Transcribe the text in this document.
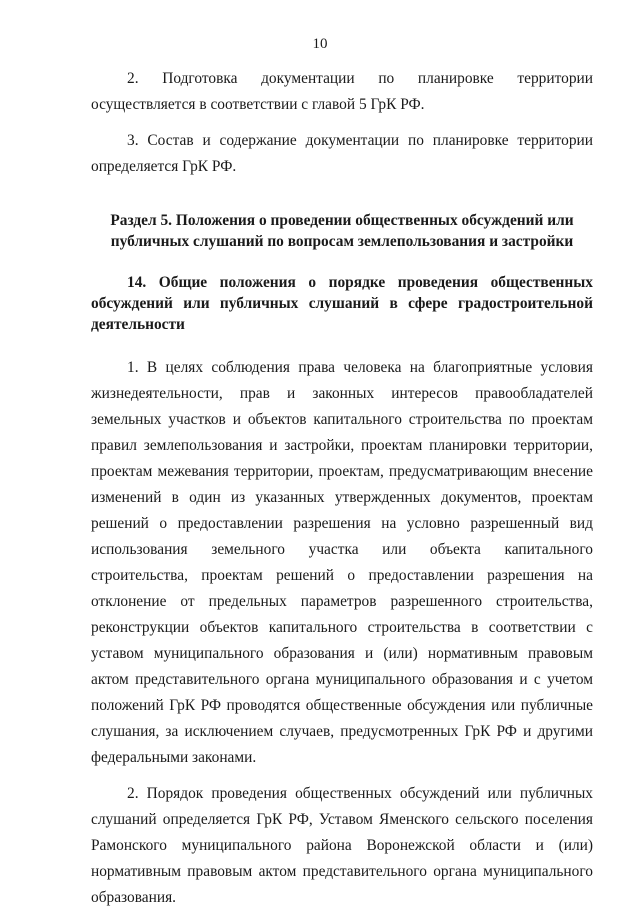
10

2. Подготовка документации по планировке территории осуществляется в соответствии с главой 5 ГрК РФ.

3. Состав и содержание документации по планировке территории определяется ГрК РФ.

Раздел 5. Положения о проведении общественных обсуждений или публичных слушаний по вопросам землепользования и застройки

14. Общие положения о порядке проведения общественных обсуждений или публичных слушаний в сфере градостроительной деятельности

1. В целях соблюдения права человека на благоприятные условия жизнедеятельности, прав и законных интересов правообладателей земельных участков и объектов капитального строительства по проектам правил землепользования и застройки, проектам планировки территории, проектам межевания территории, проектам, предусматривающим внесение изменений в один из указанных утвержденных документов, проектам решений о предоставлении разрешения на условно разрешенный вид использования земельного участка или объекта капитального строительства, проектам решений о предоставлении разрешения на отклонение от предельных параметров разрешенного строительства, реконструкции объектов капитального строительства в соответствии с уставом муниципального образования и (или) нормативным правовым актом представительного органа муниципального образования и с учетом положений ГрК РФ проводятся общественные обсуждения или публичные слушания, за исключением случаев, предусмотренных ГрК РФ и другими федеральными законами.

2. Порядок проведения общественных обсуждений или публичных слушаний определяется ГрК РФ, Уставом Яменского сельского поселения Рамонского муниципального района Воронежской области и (или) нормативным правовым актом представительного органа муниципального образования.
